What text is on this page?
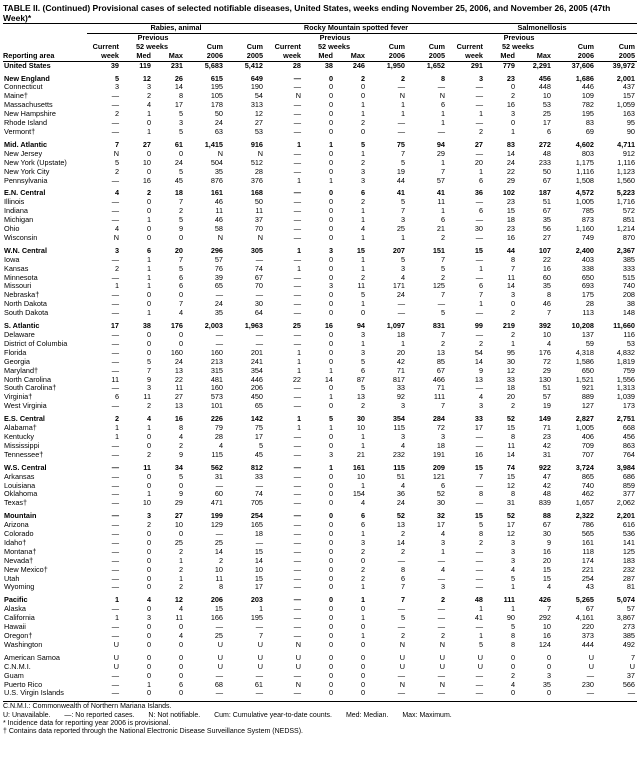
TABLE II. (Continued) Provisional cases of selected notifiable diseases, United States, weeks ending November 25, 2006, and November 26, 2005 (47th Week)*

	Rabies, animal					Rocky Mountain spotted fever					Salmonellosis				
		Previous					Previous					Previous			
	Current	52 weeks		Cum	Cum	Current	52 weeks		Cum	Cum	Current	52 weeks		Cum	Cum
Reporting area	week	Med	Max	2006	2005	week	Med	Max	2006	2005	week	Med	Max	2006	2005
United States	39	119	231	5,683	5,412	28	38	246	1,950	1,652	291	779	2,291	37,606	39,972

New England	5	12	26	615	649	—	0	2	2	8	3	23	456	1,686	2,001
Connecticut	3	3	14	195	190	—	0	0	—	—	—	0	448	446	437
Maine†	—	2	8	105	54	N	0	0	N	N	—	2	10	109	157
Massachusetts	—	4	17	178	313	—	0	1	1	6	—	16	53	782	1,059
New Hampshire	2	1	5	50	12	—	0	1	1	1	1	3	25	195	163
Rhode Island	—	0	3	24	27	—	0	2	—	1	—	0	17	83	95
Vermont†	—	1	5	63	53	—	0	0	—	—	2	1	6	69	90

Mid. Atlantic	7	27	61	1,415	916	1	1	5	75	94	27	83	272	4,602	4,711
New Jersey	N	0	0	N	N	—	0	1	7	29	—	14	48	803	912
New York (Upstate)	5	10	24	504	512	—	0	2	5	1	20	24	233	1,175	1,116
New York City	2	0	5	35	28	—	0	3	19	7	1	22	50	1,116	1,123
Pennsylvania	—	16	45	876	376	1	1	3	44	57	6	29	67	1,508	1,560

E.N. Central	4	2	18	161	168	—	0	6	41	41	36	102	187	4,572	5,223
Illinois	—	0	7	46	50	—	0	2	5	11	—	23	51	1,005	1,716
Indiana	—	0	2	11	11	—	0	1	7	1	6	15	67	785	572
Michigan	—	1	5	46	37	—	0	1	3	6	—	18	35	873	851
Ohio	4	0	9	58	70	—	0	4	25	21	30	23	56	1,160	1,214
Wisconsin	N	0	0	N	N	—	0	1	1	2	—	16	27	749	870

W.N. Central	3	6	20	296	305	1	3	15	207	151	15	44	107	2,400	2,367
Iowa	—	1	7	57	—	—	0	1	5	7	—	8	22	403	385
Kansas	2	1	5	76	74	1	0	1	3	5	1	7	16	338	333
Minnesota	—	1	6	39	67	—	0	2	4	2	—	11	60	650	515
Missouri	1	1	6	65	70	—	3	11	171	125	6	14	35	693	740
Nebraska†	—	0	0	—	—	—	0	5	24	7	7	3	8	175	208
North Dakota	—	0	7	24	30	—	0	1	—	—	1	0	46	28	38
South Dakota	—	1	4	35	64	—	0	0	—	5	—	2	7	113	148

S. Atlantic	17	38	176	2,003	1,963	25	16	94	1,097	831	99	219	392	10,208	11,660
Delaware	—	0	0	—	—	—	0	3	18	7	—	2	10	137	116
District of Columbia	—	0	0	—	—	—	0	1	1	2	2	1	4	59	53
Florida	—	0	160	160	201	1	0	3	20	13	54	95	176	4,318	4,832
Georgia	—	5	24	213	241	1	0	5	42	85	14	30	72	1,586	1,819
Maryland†	—	7	13	315	354	1	1	6	71	67	9	12	29	650	759
North Carolina	11	9	22	481	446	22	14	87	817	466	13	33	130	1,521	1,556
South Carolina†	—	3	11	160	206	—	0	5	33	71	—	18	51	921	1,313
Virginia†	6	11	27	573	450	—	1	13	92	111	4	20	57	889	1,039
West Virginia	—	2	13	101	65	—	0	2	3	7	3	2	19	127	173

E.S. Central	2	4	16	226	142	1	5	30	354	284	33	52	149	2,827	2,751
Alabama†	1	1	8	79	75	1	1	10	115	72	17	15	71	1,005	668
Kentucky	1	0	4	28	17	—	0	1	3	3	—	8	23	406	456
Mississippi	—	0	2	4	5	—	0	1	4	18	—	11	42	709	863
Tennessee†	—	2	9	115	45	—	3	21	232	191	16	14	31	707	764

W.S. Central	—	11	34	562	812	—	1	161	115	209	15	74	922	3,724	3,984
Arkansas	—	0	5	31	33	—	0	10	51	121	7	15	47	865	686
Louisiana	—	0	0	—	—	—	0	1	4	6	—	12	42	740	859
Oklahoma	—	1	9	60	74	—	0	154	36	52	8	8	48	462	377
Texas†	—	10	29	471	705	—	0	4	24	30	—	31	839	1,657	2,062

Mountain	—	3	27	199	254	—	0	6	52	32	15	52	88	2,322	2,201
Arizona	—	2	10	129	165	—	0	6	13	17	5	17	67	786	616
Colorado	—	0	0	—	18	—	0	1	2	4	8	12	30	565	536
Idaho†	—	0	25	25	—	—	0	3	14	3	2	3	9	161	141
Montana†	—	0	2	14	15	—	0	2	2	1	—	3	16	118	125
Nevada†	—	0	1	2	14	—	0	0	—	—	—	3	20	174	183
New Mexico†	—	0	2	10	10	—	0	2	8	4	—	4	15	221	232
Utah	—	0	1	11	15	—	0	2	6	—	—	5	15	254	287
Wyoming	—	0	2	8	17	—	0	1	7	3	—	1	4	43	81

Pacific	1	4	12	206	203	—	0	1	7	2	48	111	426	5,265	5,074
Alaska	—	0	4	15	1	—	0	0	—	—	1	1	7	67	57
California	1	3	11	166	195	—	0	1	5	—	41	90	292	4,161	3,867
Hawaii	—	0	0	—	—	—	0	0	—	—	—	5	10	220	273
Oregon†	—	0	4	25	7	—	0	1	2	2	1	8	16	373	385
Washington	U	0	0	U	U	N	0	0	N	N	5	8	124	444	492

American Samoa	U	0	0	U	U	U	0	0	U	U	U	0	0	U	7
C.N.M.I.	U	0	0	U	U	U	0	0	U	U	U	0	0	U	U
Guam	—	0	0	—	—	—	0	0	—	—	—	2	3	—	37
Puerto Rico	—	1	6	68	61	N	0	0	N	N	—	4	35	230	566
U.S. Virgin Islands	—	0	0	—	—	—	0	0	—	—	—	0	0	—	—
C.N.M.I.: Commonwealth of Northern Mariana Islands.
U: Unavailable. —: No reported cases. N: Not notifiable. Cum: Cumulative year-to-date counts. Med: Median. Max: Maximum.
* Incidence data for reporting year 2006 is provisional.
† Contains data reported through the National Electronic Disease Surveillance System (NEDSS).
